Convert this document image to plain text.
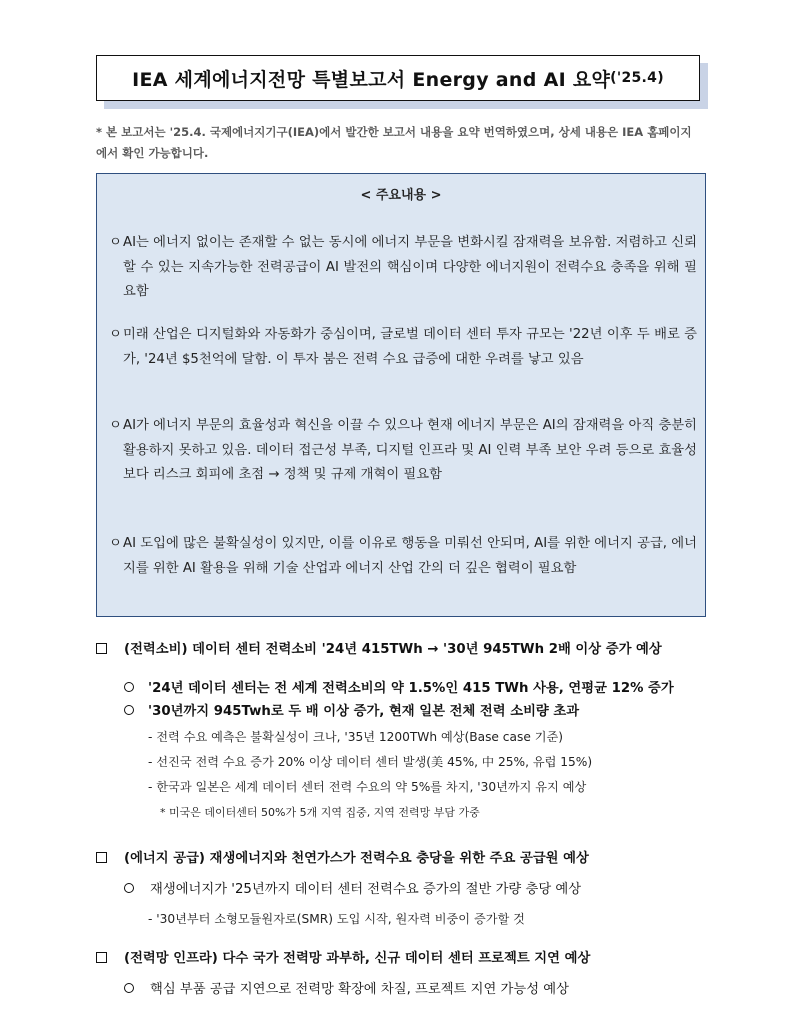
IEA 세계에너지전망 특별보고서 Energy and AI 요약 ('25.4)
* 본 보고서는 '25.4. 국제에너지기구(IEA)에서 발간한 보고서 내용을 요약 번역하였으며, 상세 내용은 IEA 홈페이지에서 확인 가능합니다.
< 주요내용 >
ㅇ AI는 에너지 없이는 존재할 수 없는 동시에 에너지 부문을 변화시킬 잠재력을 보유함. 저렴하고 신뢰할 수 있는 지속가능한 전력공급이 AI 발전의 핵심이며 다양한 에너지원이 전력수요 충족을 위해 필요함
ㅇ 미래 산업은 디지털화와 자동화가 중심이며, 글로벌 데이터 센터 투자 규모는 '22년 이후 두 배로 증가, '24년 $5천억에 달함. 이 투자 붐은 전력 수요 급증에 대한 우려를 낳고 있음
ㅇ AI가 에너지 부문의 효율성과 혁신을 이끌 수 있으나 현재 에너지 부문은 AI의 잠재력을 아직 충분히 활용하지 못하고 있음. 데이터 접근성 부족, 디지털 인프라 및 AI 인력 부족 보안 우려 등으로 효율성보다 리스크 회피에 초점 → 정책 및 규제 개혁이 필요함
ㅇ AI 도입에 많은 불확실성이 있지만, 이를 이유로 행동을 미뤄선 안되며, AI를 위한 에너지 공급, 에너지를 위한 AI 활용을 위해 기술 산업과 에너지 산업 간의 더 깊은 협력이 필요함
(전력소비) 데이터 센터 전력소비 '24년 415TWh → '30년 945TWh 2배 이상 증가 예상
'24년 데이터 센터는 전 세계 전력소비의 약 1.5%인 415 TWh 사용, 연평균 12% 증가
'30년까지 945Twh로 두 배 이상 증가, 현재 일본 전체 전력 소비량 초과
- 전력 수요 예측은 불확실성이 크나, '35년 1200TWh 예상(Base case 기준)
- 선진국 전력 수요 증가 20% 이상 데이터 센터 발생(美 45%, 中 25%, 유럽 15%)
- 한국과 일본은 세계 데이터 센터 전력 수요의 약 5%를 차지, '30년까지 유지 예상
* 미국은 데이터센터 50%가 5개 지역 집중, 지역 전력망 부담 가중
(에너지 공급) 재생에너지와 천연가스가 전력수요 충당을 위한 주요 공급원 예상
재생에너지가 '25년까지 데이터 센터 전력수요 증가의 절반 가량 충당 예상
- '30년부터 소형모듈원자로(SMR) 도입 시작, 원자력 비중이 증가할 것
(전력망 인프라) 다수 국가 전력망 과부하, 신규 데이터 센터 프로젝트 지연 예상
핵심 부품 공급 지연으로 전력망 확장에 차질, 프로젝트 지연 가능성 예상
